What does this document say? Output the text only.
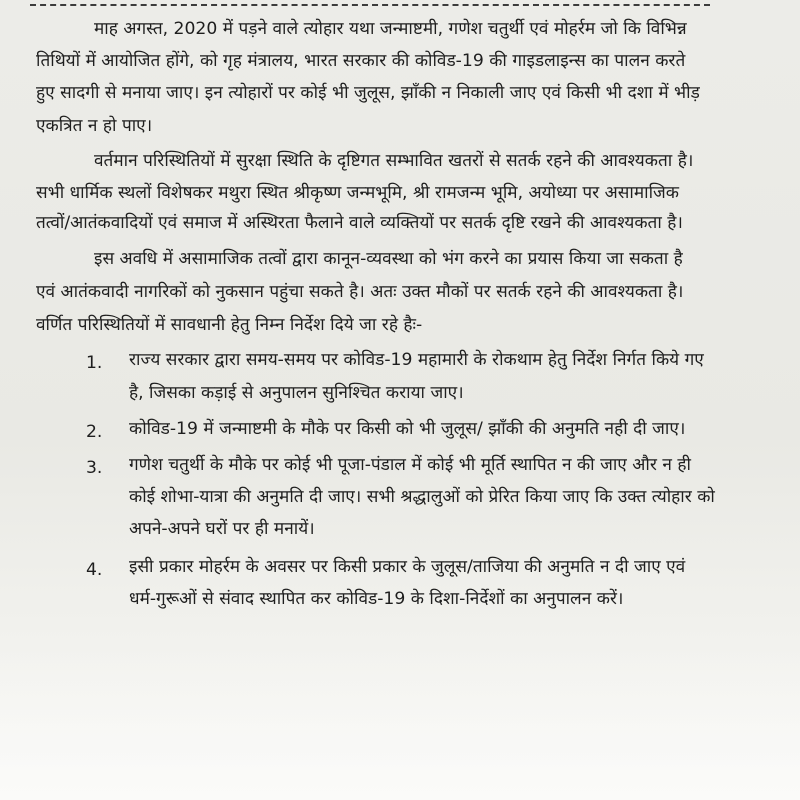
माह अगस्त, 2020 में पड़ने वाले त्योहार यथा जन्माष्टमी, गणेश चतुर्थी एवं मोहर्रम जो कि विभिन्न
तिथियों में आयोजित होंगे, को गृह मंत्रालय, भारत सरकार की कोविड-19 की गाइडलाइन्स का पालन करते
हुए सादगी से मनाया जाए। इन त्योहारों पर कोई भी जुलूस, झाँकी न निकाली जाए एवं किसी भी दशा में भीड़
एकत्रित न हो पाए।
वर्तमान परिस्थितियों में सुरक्षा स्थिति के दृष्टिगत सम्भावित खतरों से सतर्क रहने की आवश्यकता है।
सभी धार्मिक स्थलों विशेषकर मथुरा स्थित श्रीकृष्ण जन्मभूमि, श्री रामजन्म भूमि, अयोध्या पर असामाजिक
तत्वों/आतंकवादियों एवं समाज में अस्थिरता फैलाने वाले व्यक्तियों पर सतर्क दृष्टि रखने की आवश्यकता है।
इस अवधि में असामाजिक तत्वों द्वारा कानून-व्यवस्था को भंग करने का प्रयास किया जा सकता है
एवं आतंकवादी नागरिकों को नुकसान पहुंचा सकते है। अतः उक्त मौकों पर सतर्क रहने की आवश्यकता है।
वर्णित परिस्थितियों में सावधानी हेतु निम्न निर्देश दिये जा रहे हैः-
1. राज्य सरकार द्वारा समय-समय पर कोविड-19 महामारी के रोकथाम हेतु निर्देश निर्गत किये गए
है, जिसका कड़ाई से अनुपालन सुनिश्चित कराया जाए।
2. कोविड-19 में जन्माष्टमी के मौके पर किसी को भी जुलूस/ झाँकी की अनुमति नही दी जाए।
3. गणेश चतुर्थी के मौके पर कोई भी पूजा-पंडाल में कोई भी मूर्ति स्थापित न की जाए और न ही
कोई शोभा-यात्रा की अनुमति दी जाए। सभी श्रद्धालुओं को प्रेरित किया जाए कि उक्त त्योहार को
अपने-अपने घरों पर ही मनायें।
4. इसी प्रकार मोहर्रम के अवसर पर किसी प्रकार के जुलूस/ताजिया की अनुमति न दी जाए एवं
धर्म-गुरूओं से संवाद स्थापित कर कोविड-19 के दिशा-निर्देशों का अनुपालन करें।
